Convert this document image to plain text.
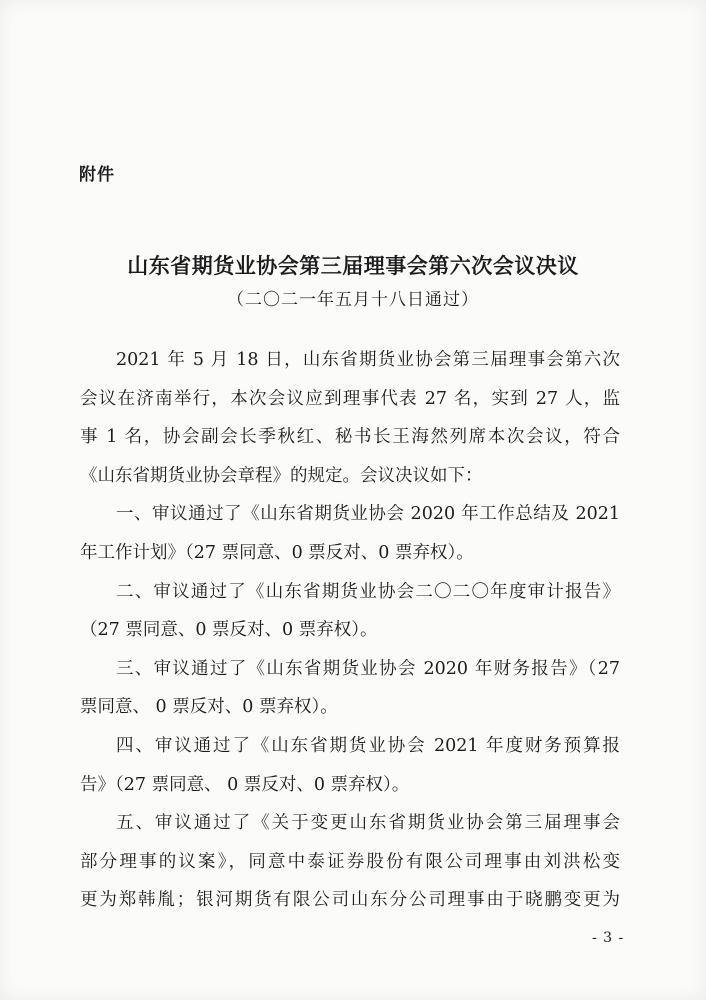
附件
山东省期货业协会第三届理事会第六次会议决议
（二〇二一年五月十八日通过）
2021 年 5 月 18 日，山东省期货业协会第三届理事会第六次
会议在济南举行，本次会议应到理事代表 27 名，实到 27 人，监
事 1 名，协会副会长季秋红、秘书长王海然列席本次会议，符合
《山东省期货业协会章程》的规定。会议决议如下：
一、审议通过了《山东省期货业协会 2020 年工作总结及 2021
年工作计划》（27 票同意、0 票反对、0 票弃权）。
二、审议通过了《山东省期货业协会二〇二〇年度审计报告》
（27 票同意、0 票反对、0 票弃权）。
三、审议通过了《山东省期货业协会 2020 年财务报告》（27
票同意、 0 票反对、0 票弃权）。
四、审议通过了《山东省期货业协会 2021 年度财务预算报
告》（27 票同意、 0 票反对、0 票弃权）。
五、审议通过了《关于变更山东省期货业协会第三届理事会
部分理事的议案》，同意中泰证券股份有限公司理事由刘洪松变
更为郑韩胤；银河期货有限公司山东分公司理事由于晓鹏变更为
- 3 -
